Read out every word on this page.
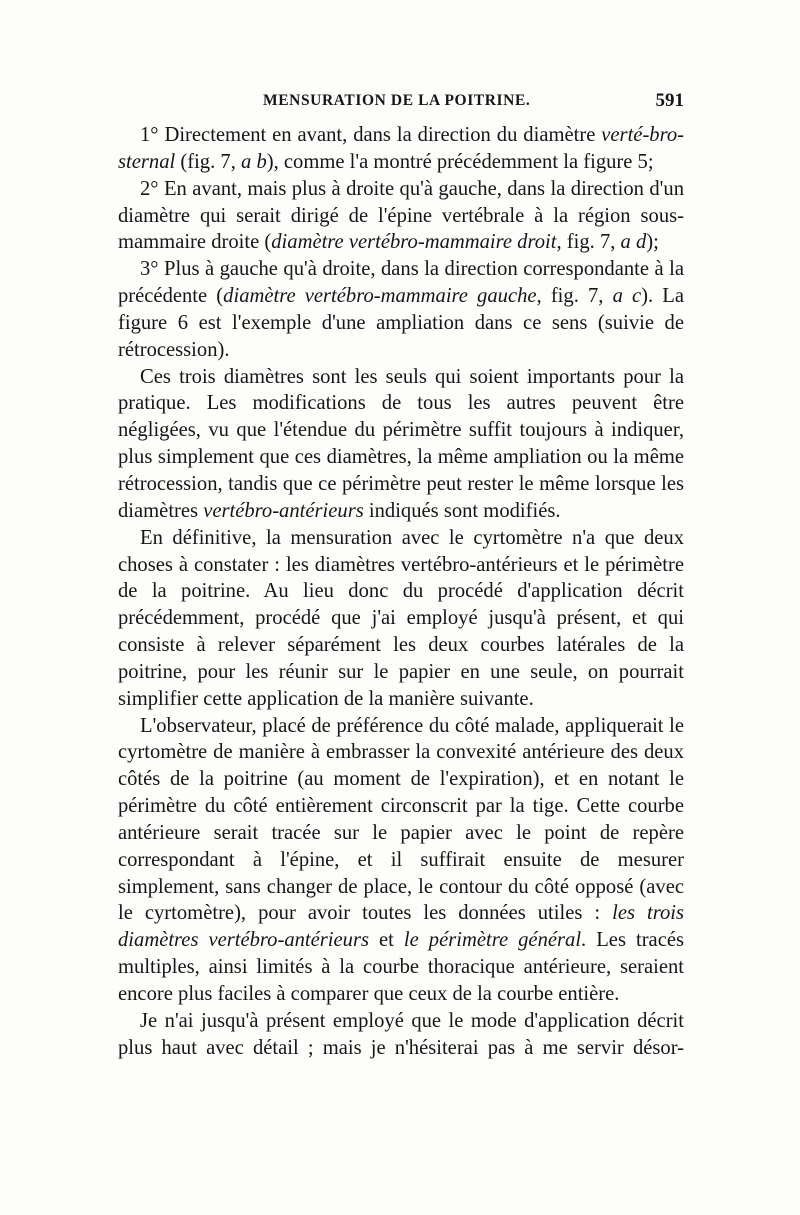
MENSURATION DE LA POITRINE.	591

1° Directement en avant, dans la direction du diamètre verté-bro-sternal (fig. 7, a b), comme l'a montré précédemment la figure 5;

2° En avant, mais plus à droite qu'à gauche, dans la direction d'un diamètre qui serait dirigé de l'épine vertébrale à la région sous-mammaire droite (diamètre vertébro-mammaire droit, fig. 7, a d);

3° Plus à gauche qu'à droite, dans la direction correspondante à la précédente (diamètre vertébro-mammaire gauche, fig. 7, a c). La figure 6 est l'exemple d'une ampliation dans ce sens (suivie de rétrocession).

Ces trois diamètres sont les seuls qui soient importants pour la pratique. Les modifications de tous les autres peuvent être négligées, vu que l'étendue du périmètre suffit toujours à indiquer, plus simplement que ces diamètres, la même ampliation ou la même rétrocession, tandis que ce périmètre peut rester le même lorsque les diamètres vertébro-antérieurs indiqués sont modifiés.

En définitive, la mensuration avec le cyrtomètre n'a que deux choses à constater : les diamètres vertébro-antérieurs et le périmètre de la poitrine. Au lieu donc du procédé d'application décrit précédemment, procédé que j'ai employé jusqu'à présent, et qui consiste à relever séparément les deux courbes latérales de la poitrine, pour les réunir sur le papier en une seule, on pourrait simplifier cette application de la manière suivante.

L'observateur, placé de préférence du côté malade, appliquerait le cyrtomètre de manière à embrasser la convexité antérieure des deux côtés de la poitrine (au moment de l'expiration), et en notant le périmètre du côté entièrement circonscrit par la tige. Cette courbe antérieure serait tracée sur le papier avec le point de repère correspondant à l'épine, et il suffirait ensuite de mesurer simplement, sans changer de place, le contour du côté opposé (avec le cyrtomètre), pour avoir toutes les données utiles : les trois diamètres vertébro-antérieurs et le périmètre général. Les tracés multiples, ainsi limités à la courbe thoracique antérieure, seraient encore plus faciles à comparer que ceux de la courbe entière.

Je n'ai jusqu'à présent employé que le mode d'application décrit plus haut avec détail ; mais je n'hésiterai pas à me servir désor-
